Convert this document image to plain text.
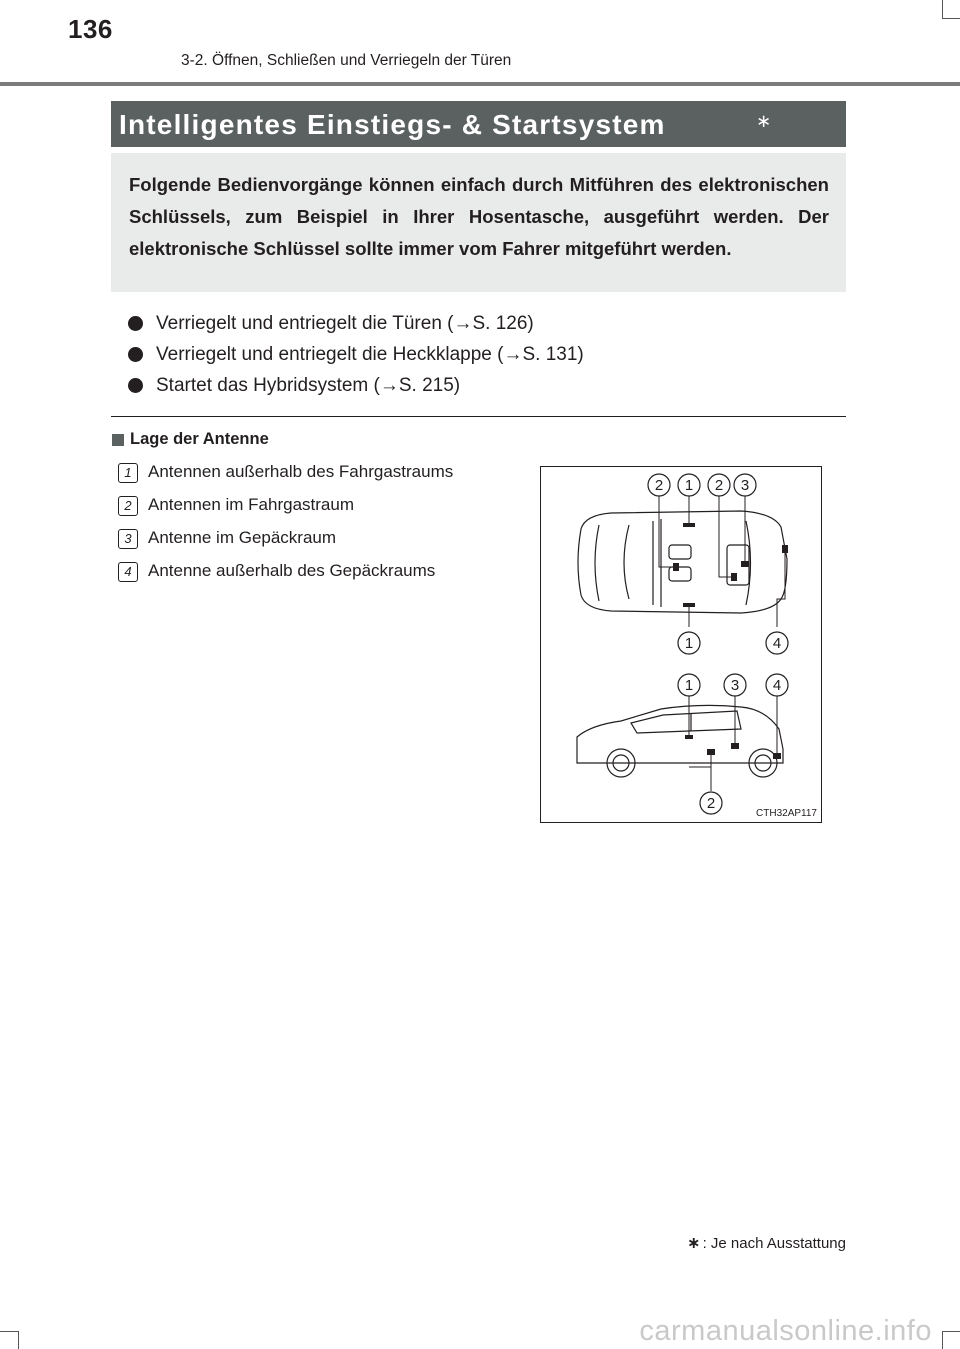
136
3-2. Öffnen, Schließen und Verriegeln der Türen
Intelligentes Einstiegs- & Startsystem	∗
Folgende Bedienvorgänge können einfach durch Mitführen des elektronischen Schlüssels, zum Beispiel in Ihrer Hosentasche, ausgeführt werden. Der elektronische Schlüssel sollte immer vom Fahrer mitgeführt werden.
Verriegelt und entriegelt die Türen (→S. 126)
Verriegelt und entriegelt die Heckklappe (→S. 131)
Startet das Hybridsystem (→S. 215)
Lage der Antenne
1 Antennen außerhalb des Fahrgastraums
2 Antennen im Fahrgastraum
3 Antenne im Gepäckraum
4 Antenne außerhalb des Gepäckraums
2 1 2 3
1	4
1	3 4
2
CTH32AP117
∗ : Je nach Ausstattung
carmanualsonline.info
